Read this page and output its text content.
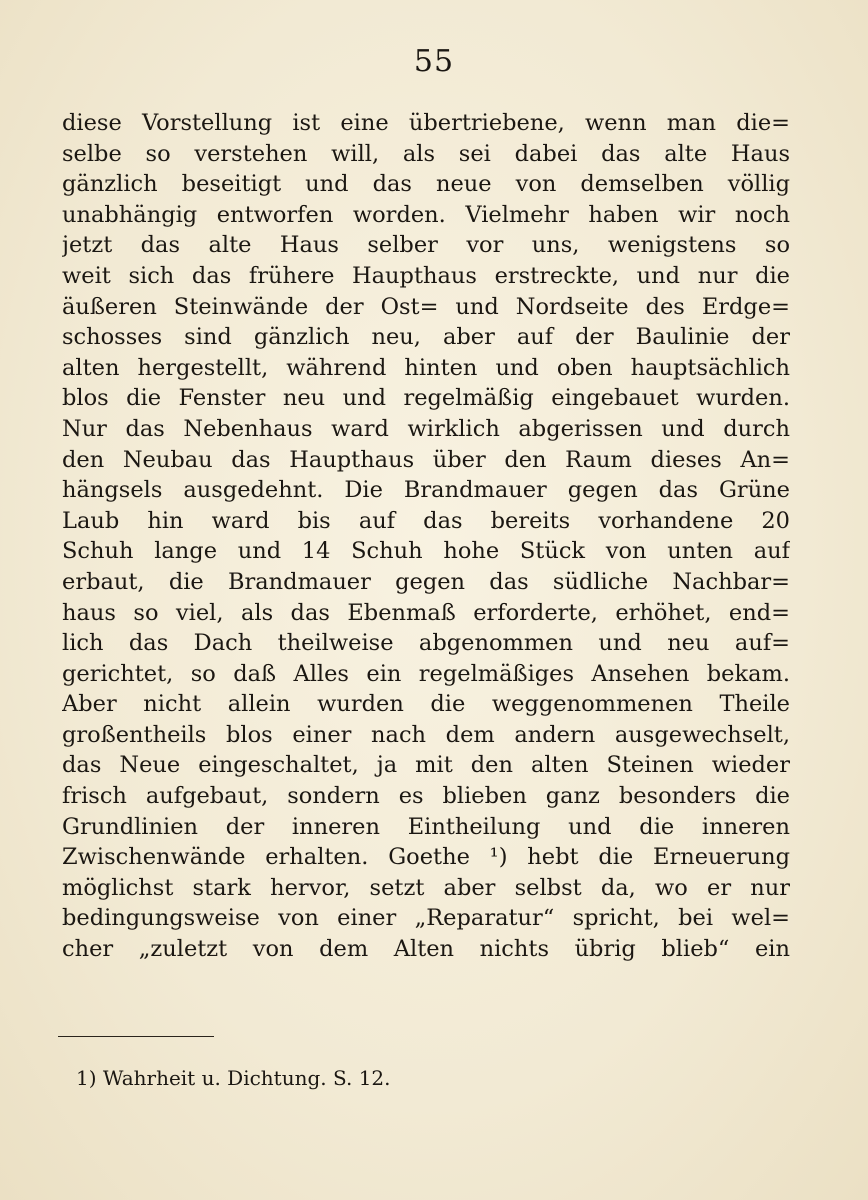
55
diese Vorstellung ist eine übertriebene, wenn man die=
selbe so verstehen will, als sei dabei das alte Haus
gänzlich beseitigt und das neue von demselben völlig
unabhängig entworfen worden. Vielmehr haben wir noch
jetzt das alte Haus selber vor uns, wenigstens so
weit sich das frühere Haupthaus erstreckte, und nur die
äußeren Steinwände der Ost= und Nordseite des Erdge=
schosses sind gänzlich neu, aber auf der Baulinie der
alten hergestellt, während hinten und oben hauptsächlich
blos die Fenster neu und regelmäßig eingebauet wurden.
Nur das Nebenhaus ward wirklich abgerissen und durch
den Neubau das Haupthaus über den Raum dieses An=
hängsels ausgedehnt. Die Brandmauer gegen das Grüne
Laub hin ward bis auf das bereits vorhandene 20
Schuh lange und 14 Schuh hohe Stück von unten auf
erbaut, die Brandmauer gegen das südliche Nachbar=
haus so viel, als das Ebenmaß erforderte, erhöhet, end=
lich das Dach theilweise abgenommen und neu auf=
gerichtet, so daß Alles ein regelmäßiges Ansehen bekam.
Aber nicht allein wurden die weggenommenen Theile
großentheils blos einer nach dem andern ausgewechselt,
das Neue eingeschaltet, ja mit den alten Steinen wieder
frisch aufgebaut, sondern es blieben ganz besonders die
Grundlinien der inneren Eintheilung und die inneren
Zwischenwände erhalten. Goethe ¹) hebt die Erneuerung
möglichst stark hervor, setzt aber selbst da, wo er nur
bedingungsweise von einer „Reparatur“ spricht, bei wel=
cher „zuletzt von dem Alten nichts übrig blieb“ ein
1) Wahrheit u. Dichtung. S. 12.
